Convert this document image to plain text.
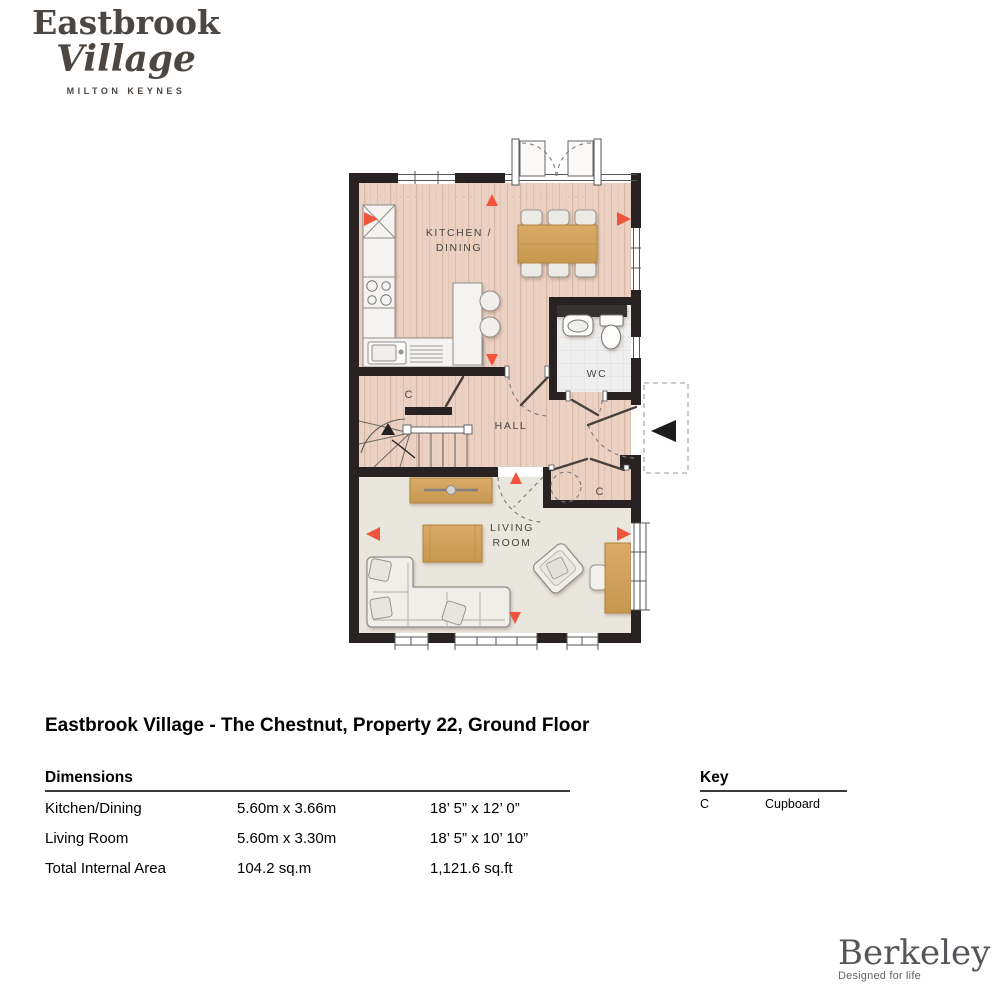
Eastbrook
Village
MILTON KEYNES
KITCHEN /
DINING
WC
HALL
LIVING
ROOM
C
C
Eastbrook Village - The Chestnut, Property 22, Ground Floor
Dimensions
Kitchen/Dining	5.60m x 3.66m	18’ 5” x 12’ 0”
Living Room	5.60m x 3.30m	18’ 5” x 10’ 10”
Total Internal Area	104.2 sq.m	1,121.6 sq.ft
Key
C	Cupboard
Berkeley
Designed for life
